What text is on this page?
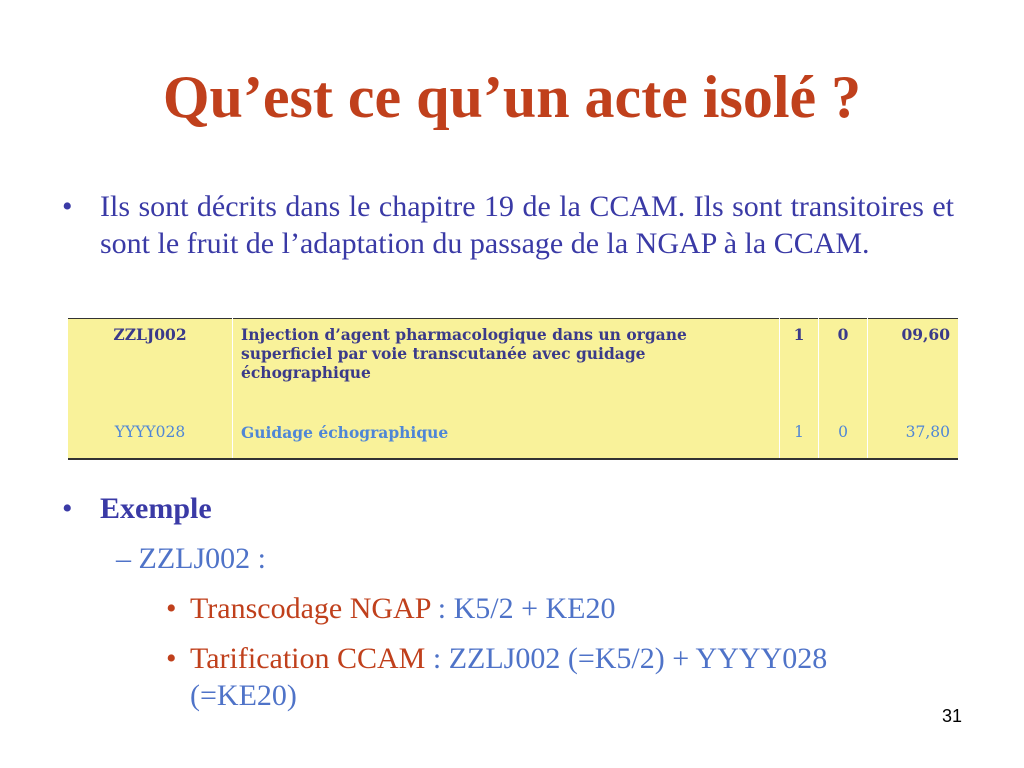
Qu’est ce qu’un acte isolé ?
• Ils sont décrits dans le chapitre 19 de la CCAM. Ils sont transitoires et sont le fruit de l’adaptation du passage de la NGAP à la CCAM.
ZZLJ002	Injection d’agent pharmacologique dans un organe superficiel par voie transcutanée avec guidage échographique	1	0	09,60
YYYY028	Guidage échographique	1	0	37,80
• Exemple
– ZZLJ002 :
• Transcodage NGAP : K5/2 + KE20
• Tarification CCAM : ZZLJ002 (=K5/2) + YYYY028 (=KE20)
31
